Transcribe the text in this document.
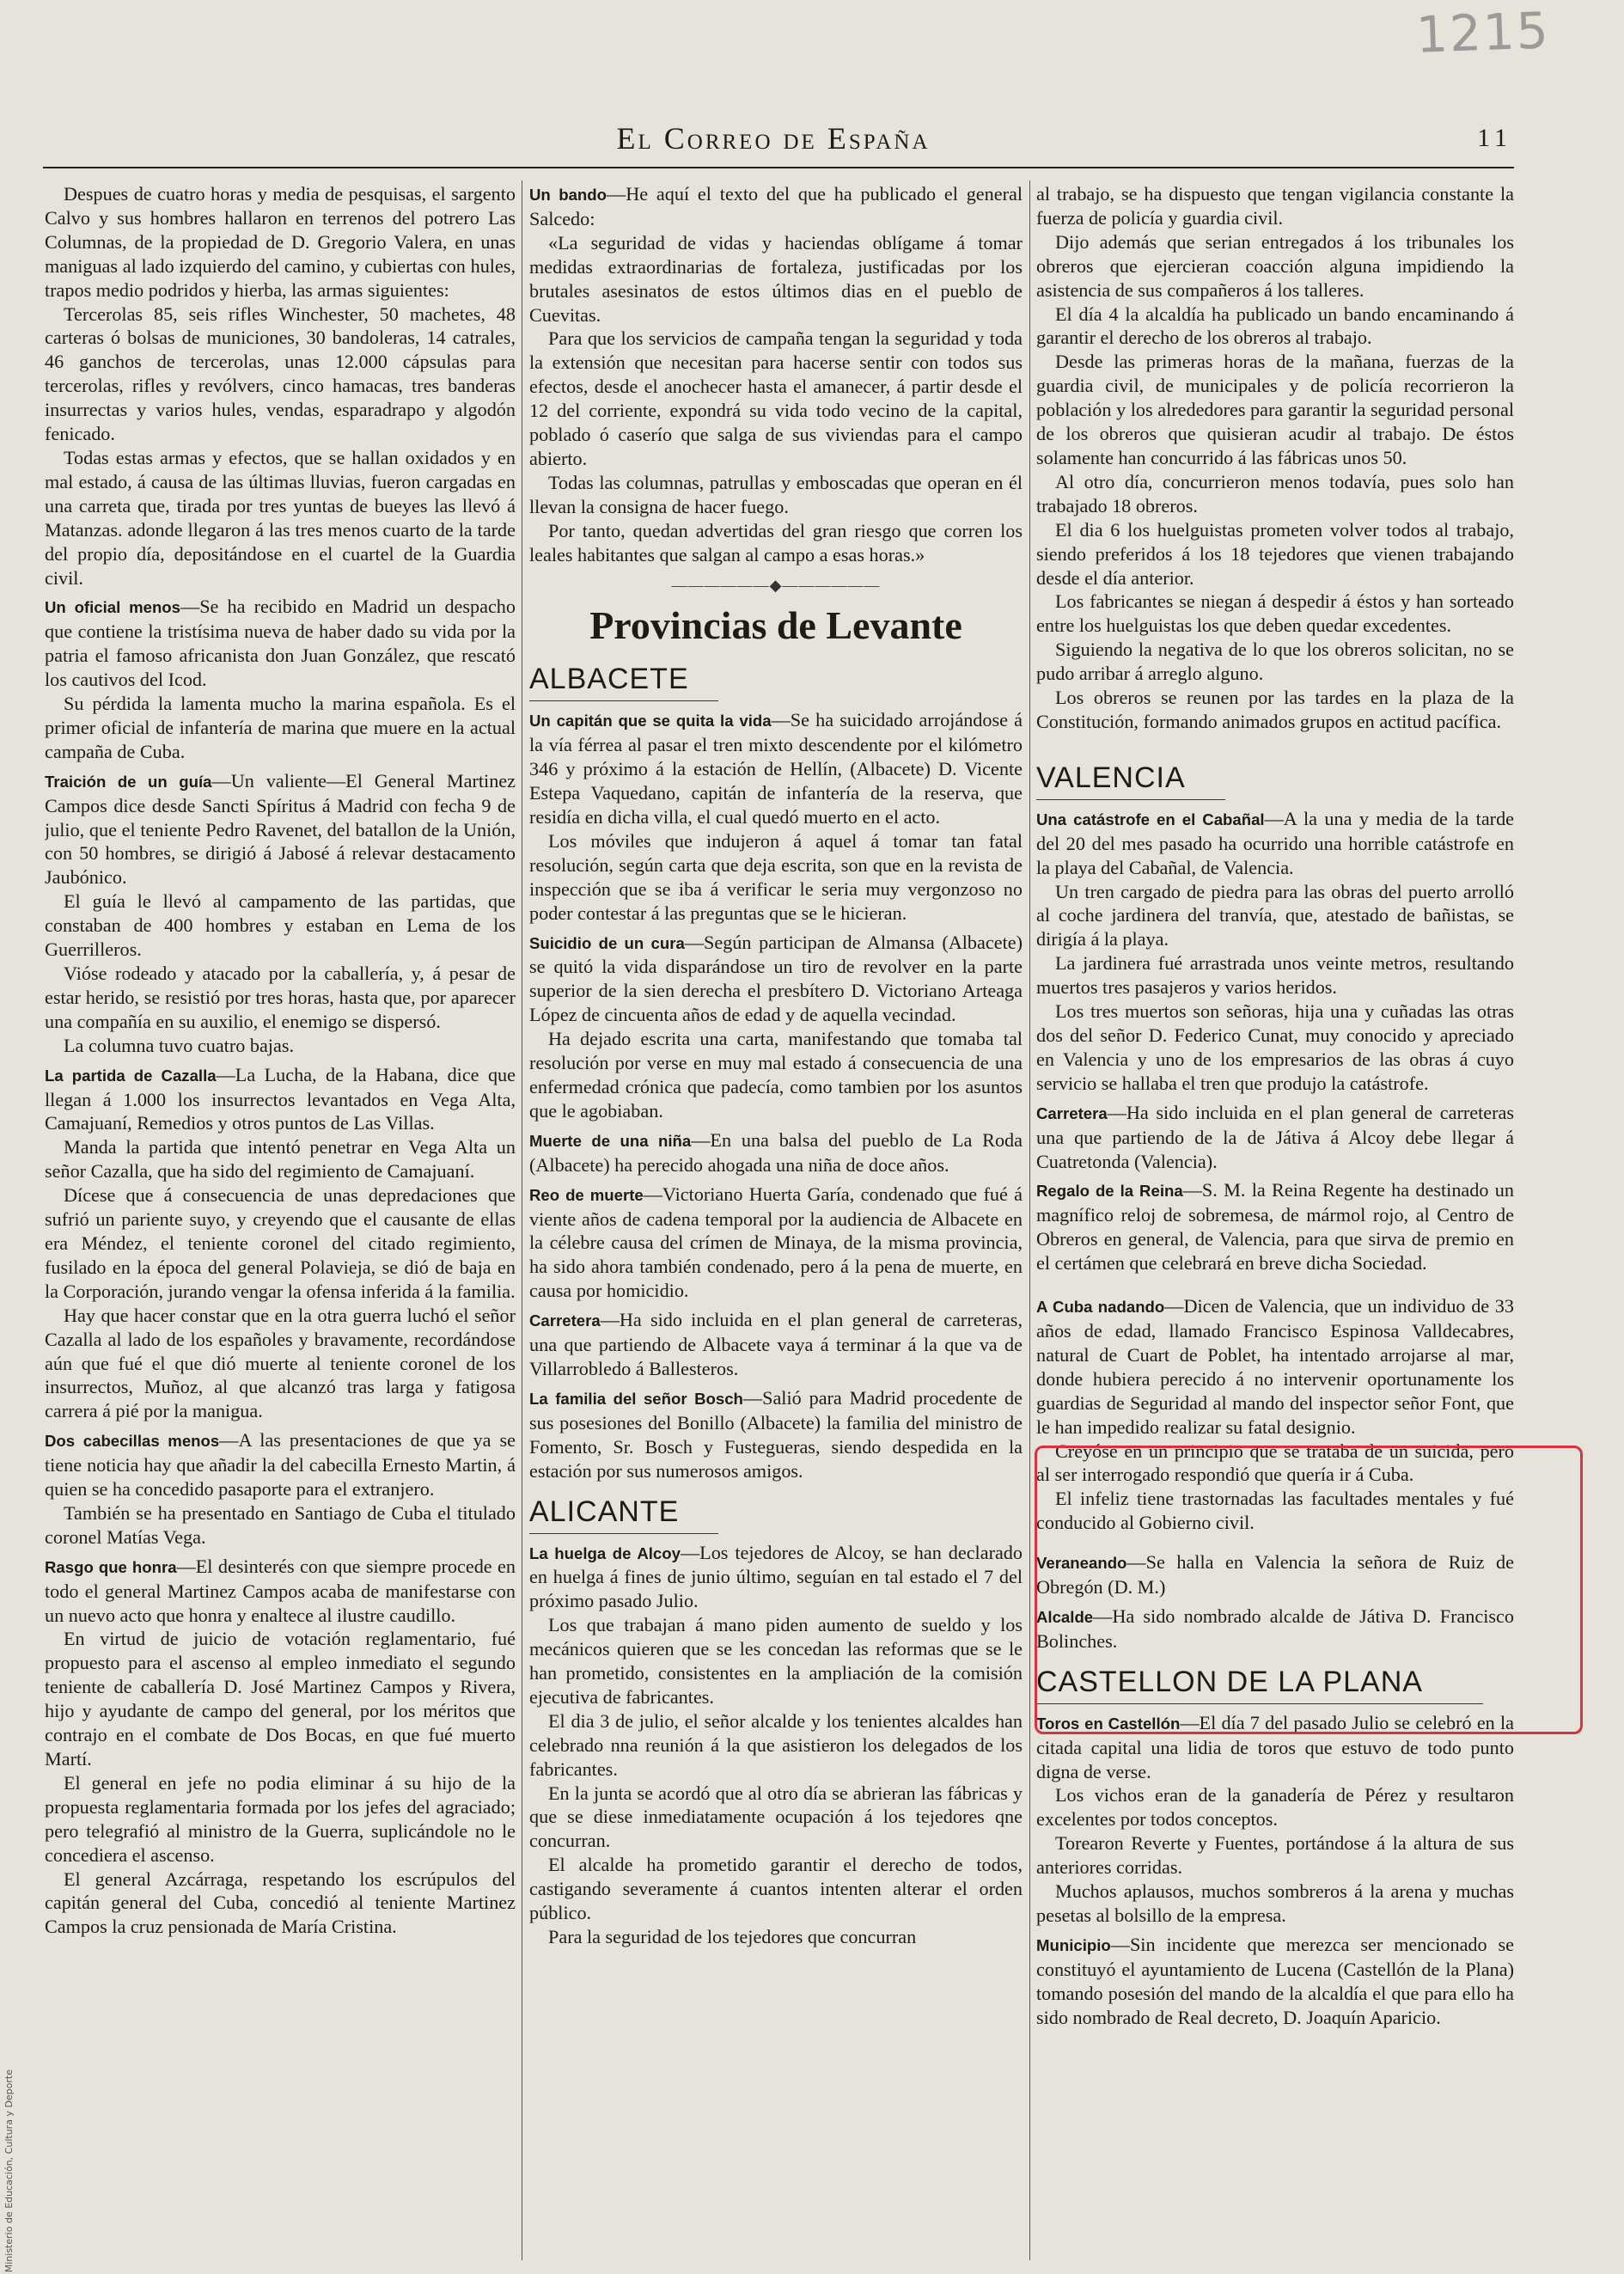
1215
El Correo de España	11

Despues de cuatro horas y media de pesquisas, el sargento Calvo y sus hombres hallaron en terrenos del potrero Las Columnas, de la propiedad de D. Gregorio Valera, en unas maniguas al lado izquierdo del camino, y cubiertas con hules, trapos medio podridos y hierba, las armas siguientes:

Tercerolas 85, seis rifles Winchester, 50 machetes, 48 carteras ó bolsas de municiones, 30 bandoleras, 14 catrales, 46 ganchos de tercerolas, unas 12.000 cápsulas para tercerolas, rifles y revólvers, cinco hamacas, tres banderas insurrectas y varios hules, vendas, esparadrapo y algodón fenicado.

Todas estas armas y efectos, que se hallan oxidados y en mal estado, á causa de las últimas lluvias, fueron cargadas en una carreta que, tirada por tres yuntas de bueyes las llevó á Matanzas. adonde llegaron á las tres menos cuarto de la tarde del propio día, depositándose en el cuartel de la Guardia civil.

Un oficial menos—Se ha recibido en Madrid un despacho que contiene la tristísima nueva de haber dado su vida por la patria el famoso africanista don Juan González, que rescató los cautivos del Icod.

Su pérdida la lamenta mucho la marina española. Es el primer oficial de infantería de marina que muere en la actual campaña de Cuba.

Traición de un guía—Un valiente—El General Martinez Campos dice desde Sancti Spíritus á Madrid con fecha 9 de julio, que el teniente Pedro Ravenet, del batallon de la Unión, con 50 hombres, se dirigió á Jabosé á relevar destacamento Jaubónico.

El guía le llevó al campamento de las partidas, que constaban de 400 hombres y estaban en Lema de los Guerrilleros.

Vióse rodeado y atacado por la caballería, y, á pesar de estar herido, se resistió por tres horas, hasta que, por aparecer una compañía en su auxilio, el enemigo se dispersó.

La columna tuvo cuatro bajas.

La partida de Cazalla—La Lucha, de la Habana, dice que llegan á 1.000 los insurrectos levantados en Vega Alta, Camajuaní, Remedios y otros puntos de Las Villas.

Manda la partida que intentó penetrar en Vega Alta un señor Cazalla, que ha sido del regimiento de Camajuaní.

Dícese que á consecuencia de unas depredaciones que sufrió un pariente suyo, y creyendo que el causante de ellas era Méndez, el teniente coronel del citado regimiento, fusilado en la época del general Polavieja, se dió de baja en la Corporación, jurando vengar la ofensa inferida á la familia.

Hay que hacer constar que en la otra guerra luchó el señor Cazalla al lado de los españoles y bravamente, recordándose aún que fué el que dió muerte al teniente coronel de los insurrectos, Muñoz, al que alcanzó tras larga y fatigosa carrera á pié por la manigua.

Dos cabecillas menos—A las presentaciones de que ya se tiene noticia hay que añadir la del cabecilla Ernesto Martin, á quien se ha concedido pasaporte para el extranjero.

También se ha presentado en Santiago de Cuba el titulado coronel Matías Vega.

Rasgo que honra—El desinterés con que siempre procede en todo el general Martinez Campos acaba de manifestarse con un nuevo acto que honra y enaltece al ilustre caudillo.

En virtud de juicio de votación reglamentario, fué propuesto para el ascenso al empleo inmediato el segundo teniente de caballería D. José Martinez Campos y Rivera, hijo y ayudante de campo del general, por los méritos que contrajo en el combate de Dos Bocas, en que fué muerto Martí.

El general en jefe no podia eliminar á su hijo de la propuesta reglamentaria formada por los jefes del agraciado; pero telegrafió al ministro de la Guerra, suplicándole no le concediera el ascenso.

El general Azcárraga, respetando los escrúpulos del capitán general del Cuba, concedió al teniente Martinez Campos la cruz pensionada de María Cristina.

Un bando—He aquí el texto del que ha publicado el general Salcedo:

«La seguridad de vidas y haciendas oblígame á tomar medidas extraordinarias de fortaleza, justificadas por los brutales asesinatos de estos últimos dias en el pueblo de Cuevitas.

Para que los servicios de campaña tengan la seguridad y toda la extensión que necesitan para hacerse sentir con todos sus efectos, desde el anochecer hasta el amanecer, á partir desde el 12 del corriente, expondrá su vida todo vecino de la capital, poblado ó caserío que salga de sus viviendas para el campo abierto.

Todas las columnas, patrullas y emboscadas que operan en él llevan la consigna de hacer fuego.

Por tanto, quedan advertidas del gran riesgo que corren los leales habitantes que salgan al campo a esas horas.»

——————◆——————
Provincias de Levante
ALBACETE

Un capitán que se quita la vida—Se ha suicidado arrojándose á la vía férrea al pasar el tren mixto descendente por el kilómetro 346 y próximo á la estación de Hellín, (Albacete) D. Vicente Estepa Vaquedano, capitán de infantería de la reserva, que residía en dicha villa, el cual quedó muerto en el acto.

Los móviles que indujeron á aquel á tomar tan fatal resolución, según carta que deja escrita, son que en la revista de inspección que se iba á verificar le seria muy vergonzoso no poder contestar á las preguntas que se le hicieran.

Suicidio de un cura—Según participan de Almansa (Albacete) se quitó la vida disparándose un tiro de revolver en la parte superior de la sien derecha el presbítero D. Victoriano Arteaga López de cincuenta años de edad y de aquella vecindad.

Ha dejado escrita una carta, manifestando que tomaba tal resolución por verse en muy mal estado á consecuencia de una enfermedad crónica que padecía, como tambien por los asuntos que le agobiaban.

Muerte de una niña—En una balsa del pueblo de La Roda (Albacete) ha perecido ahogada una niña de doce años.

Reo de muerte—Victoriano Huerta Garía, condenado que fué á viente años de cadena temporal por la audiencia de Albacete en la célebre causa del crímen de Minaya, de la misma provincia, ha sido ahora también condenado, pero á la pena de muerte, en causa por homicidio.

Carretera—Ha sido incluida en el plan general de carreteras, una que partiendo de Albacete vaya á terminar á la que va de Villarrobledo á Ballesteros.

La familia del señor Bosch—Salió para Madrid procedente de sus posesiones del Bonillo (Albacete) la familia del ministro de Fomento, Sr. Bosch y Fustegueras, siendo despedida en la estación por sus numerosos amigos.

ALICANTE

La huelga de Alcoy—Los tejedores de Alcoy, se han declarado en huelga á fines de junio último, seguían en tal estado el 7 del próximo pasado Julio.

Los que trabajan á mano piden aumento de sueldo y los mecánicos quieren que se les concedan las reformas que se le han prometido, consistentes en la ampliación de la comisión ejecutiva de fabricantes.

El dia 3 de julio, el señor alcalde y los tenientes alcaldes han celebrado nna reunión á la que asistieron los delegados de los fabricantes.

En la junta se acordó que al otro día se abrieran las fábricas y que se diese inmediatamente ocupación á los tejedores qne concurran.

El alcalde ha prometido garantir el derecho de todos, castigando severamente á cuantos intenten alterar el orden público.

Para la seguridad de los tejedores que concurran

al trabajo, se ha dispuesto que tengan vigilancia constante la fuerza de policía y guardia civil.

Dijo además que serian entregados á los tribunales los obreros que ejercieran coacción alguna impidiendo la asistencia de sus compañeros á los talleres.

El día 4 la alcaldía ha publicado un bando encaminando á garantir el derecho de los obreros al trabajo.

Desde las primeras horas de la mañana, fuerzas de la guardia civil, de municipales y de policía recorrieron la población y los alrededores para garantir la seguridad personal de los obreros que quisieran acudir al trabajo. De éstos solamente han concurrido á las fábricas unos 50.

Al otro día, concurrieron menos todavía, pues solo han trabajado 18 obreros.

El dia 6 los huelguistas prometen volver todos al trabajo, siendo preferidos á los 18 tejedores que vienen trabajando desde el día anterior.

Los fabricantes se niegan á despedir á éstos y han sorteado entre los huelguistas los que deben quedar excedentes.

Siguiendo la negativa de lo que los obreros solicitan, no se pudo arribar á arreglo alguno.

Los obreros se reunen por las tardes en la plaza de la Constitución, formando animados grupos en actitud pacífica.

VALENCIA

Una catástrofe en el Cabañal—A la una y media de la tarde del 20 del mes pasado ha ocurrido una horrible catástrofe en la playa del Cabañal, de Valencia.

Un tren cargado de piedra para las obras del puerto arrolló al coche jardinera del tranvía, que, atestado de bañistas, se dirigía á la playa.

La jardinera fué arrastrada unos veinte metros, resultando muertos tres pasajeros y varios heridos.

Los tres muertos son señoras, hija una y cuñadas las otras dos del señor D. Federico Cunat, muy conocido y apreciado en Valencia y uno de los empresarios de las obras á cuyo servicio se hallaba el tren que produjo la catástrofe.

Carretera—Ha sido incluida en el plan general de carreteras una que partiendo de la de Játiva á Alcoy debe llegar á Cuatretonda (Valencia).

Regalo de la Reina—S. M. la Reina Regente ha destinado un magnífico reloj de sobremesa, de mármol rojo, al Centro de Obreros en general, de Valencia, para que sirva de premio en el certámen que celebrará en breve dicha Sociedad.

A Cuba nadando—Dicen de Valencia, que un individuo de 33 años de edad, llamado Francisco Espinosa Valldecabres, natural de Cuart de Poblet, ha intentado arrojarse al mar, donde hubiera perecido á no intervenir oportunamente los guardias de Seguridad al mando del inspector señor Font, que le han impedido realizar su fatal designio.

Creyóse en un principio que se trataba de un suicida, pero al ser interrogado respondió que quería ir á Cuba.

El infeliz tiene trastornadas las facultades mentales y fué conducido al Gobierno civil.

Veraneando—Se halla en Valencia la señora de Ruiz de Obregón (D. M.)

Alcalde—Ha sido nombrado alcalde de Játiva D. Francisco Bolinches.

CASTELLON DE LA PLANA

Toros en Castellón—El día 7 del pasado Julio se celebró en la citada capital una lidia de toros que estuvo de todo punto digna de verse.

Los vichos eran de la ganadería de Pérez y resultaron excelentes por todos conceptos.

Torearon Reverte y Fuentes, portándose á la altura de sus anteriores corridas.

Muchos aplausos, muchos sombreros á la arena y muchas pesetas al bolsillo de la empresa.

Municipio—Sin incidente que merezca ser mencionado se constituyó el ayuntamiento de Lucena (Castellón de la Plana) tomando posesión del mando de la alcaldía el que para ello ha sido nombrado de Real decreto, D. Joaquín Aparicio.

Ministerio de Educación, Cultura y Deporte
